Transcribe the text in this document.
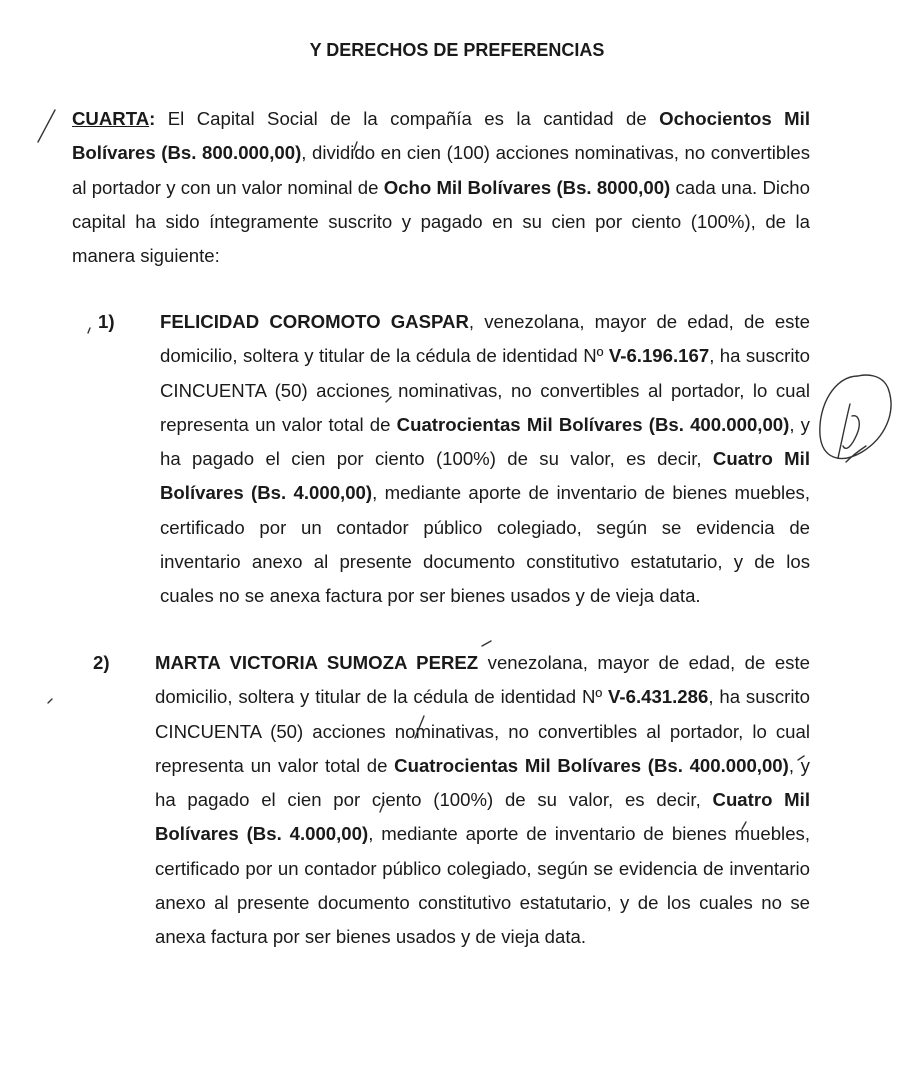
Y DERECHOS DE PREFERENCIAS
CUARTA: El Capital Social de la compañía es la cantidad de Ochocientos Mil Bolívares (Bs. 800.000,00), dividido en cien (100) acciones nominativas, no convertibles al portador y con un valor nominal de Ocho Mil Bolívares (Bs. 8000,00) cada una. Dicho capital ha sido íntegramente suscrito y pagado en su cien por ciento (100%), de la manera siguiente:
1) FELICIDAD COROMOTO GASPAR, venezolana, mayor de edad, de este domicilio, soltera y titular de la cédula de identidad Nº V-6.196.167, ha suscrito CINCUENTA (50) acciones nominativas, no convertibles al portador, lo cual representa un valor total de Cuatrocientas Mil Bolívares (Bs. 400.000,00), y ha pagado el cien por ciento (100%) de su valor, es decir, Cuatro Mil Bolívares (Bs. 4.000,00), mediante aporte de inventario de bienes muebles, certificado por un contador público colegiado, según se evidencia de inventario anexo al presente documento constitutivo estatutario, y de los cuales no se anexa factura por ser bienes usados y de vieja data.
2) MARTA VICTORIA SUMOZA PEREZ venezolana, mayor de edad, de este domicilio, soltera y titular de la cédula de identidad Nº V-6.431.286, ha suscrito CINCUENTA (50) acciones nominativas, no convertibles al portador, lo cual representa un valor total de Cuatrocientas Mil Bolívares (Bs. 400.000,00), y ha pagado el cien por ciento (100%) de su valor, es decir, Cuatro Mil Bolívares (Bs. 4.000,00), mediante aporte de inventario de bienes muebles, certificado por un contador público colegiado, según se evidencia de inventario anexo al presente documento constitutivo estatutario, y de los cuales no se anexa factura por ser bienes usados y de vieja data.
